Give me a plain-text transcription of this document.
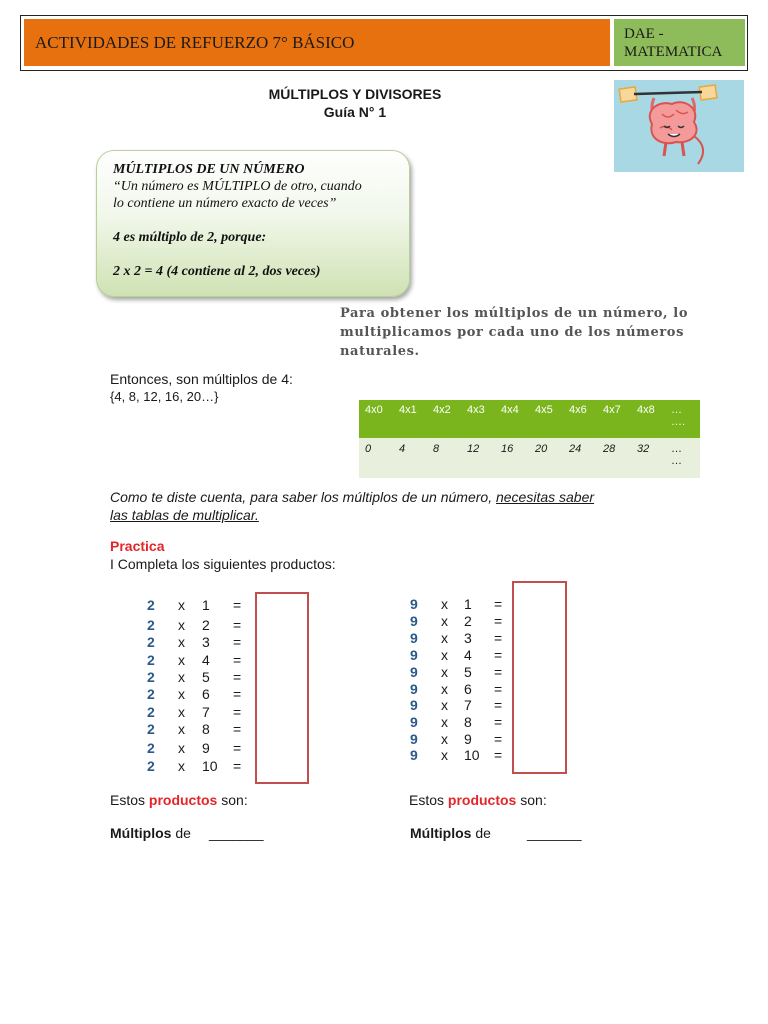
ACTIVIDADES DE REFUERZO 7° BÁSICO	DAE -
MATEMATICA
MÚLTIPLOS Y DIVISORES
Guía N° 1
MÚLTIPLOS DE UN NÚMERO
“Un número es MÚLTIPLO de otro, cuando
lo contiene un número exacto de veces”
4 es múltiplo de 2, porque:
2 x 2 = 4 (4 contiene al 2, dos veces)
Para obtener los múltiplos de un número, lo multiplicamos por cada uno de los números naturales.
Entonces, son múltiplos de 4:
{4, 8, 12, 16, 20…}
4x0	4x1	4x2	4x3	4x4	4x5	4x6	4x7	4x8	…
….

0	4	8	12	16	20	24	28	32	…
…
Como te diste cuenta, para saber los múltiplos de un número, necesitas saber
las tablas de multiplicar.
Practica
I Completa los siguientes productos:
2 x 1 =
2 x 2 =
2 x 3 =
2 x 4 =
2 x 5 =
2 x 6 =
2 x 7 =
2 x 8 =
2 x 9 =
2 x 10 =
9 x 1 =
9 x 2 =
9 x 3 =
9 x 4 =
9 x 5 =
9 x 6 =
9 x 7 =
9 x 8 =
9 x 9 =
9 x 10 =
Estos productos son:	Estos productos son:
Múltiplos de _______	Múltiplos de	_______
